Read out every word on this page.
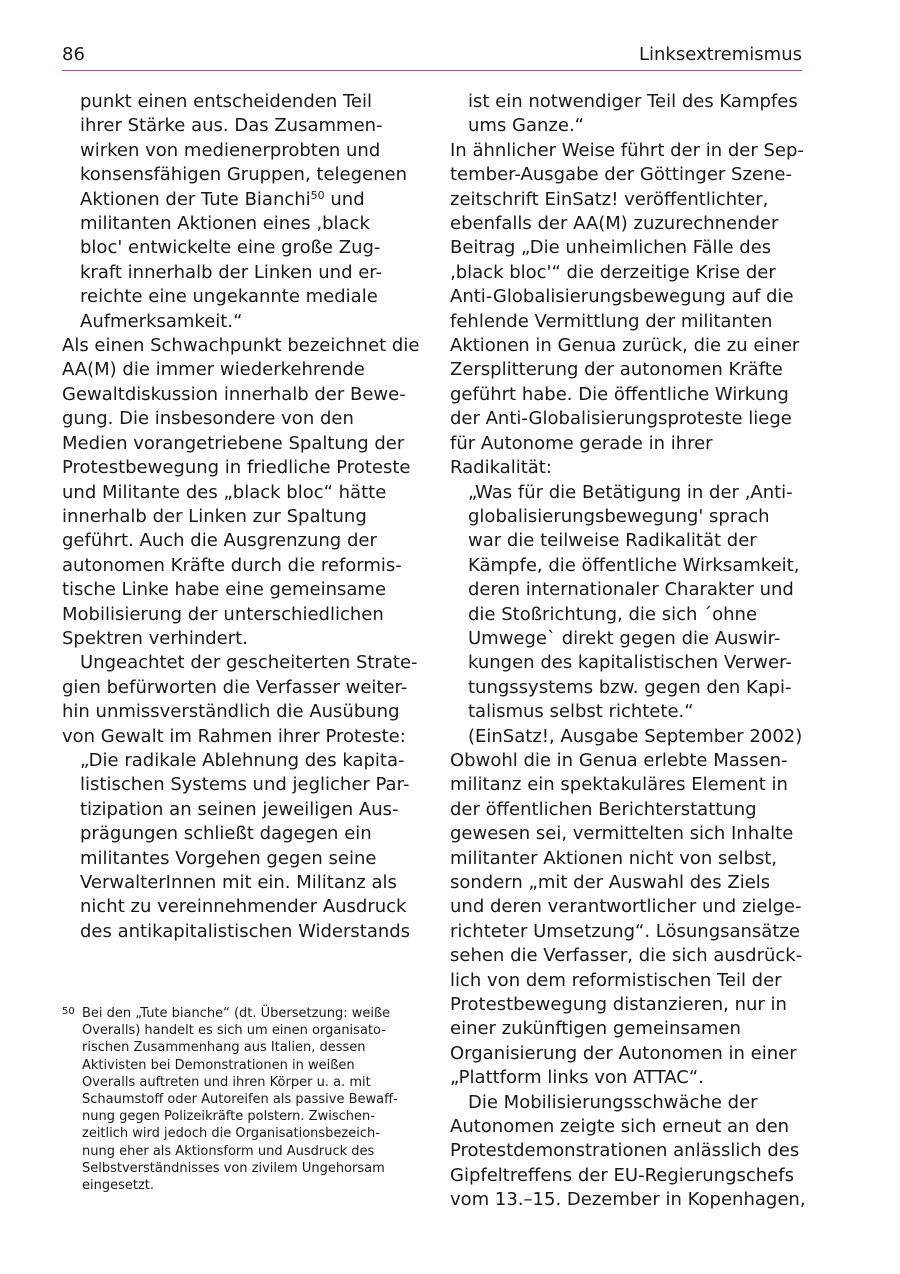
86	Linksextremismus

punkt einen entscheidenden Teil
ihrer Stärke aus. Das Zusammen-
wirken von medienerprobten und
konsensfähigen Gruppen, telegenen
Aktionen der Tute Bianchi$^{50}$ und
militanten Aktionen eines ‚black
bloc' entwickelte eine große Zug-
kraft innerhalb der Linken und er-
reichte eine ungekannte mediale
Aufmerksamkeit.“

Als einen Schwachpunkt bezeichnet die
AA(M) die immer wiederkehrende
Gewaltdiskussion innerhalb der Bewe-
gung. Die insbesondere von den
Medien vorangetriebene Spaltung der
Protestbewegung in friedliche Proteste
und Militante des „black bloc“ hätte
innerhalb der Linken zur Spaltung
geführt. Auch die Ausgrenzung der
autonomen Kräfte durch die reformis-
tische Linke habe eine gemeinsame
Mobilisierung der unterschiedlichen
Spektren verhindert.

Ungeachtet der gescheiterten Strate-
gien befürworten die Verfasser weiter-
hin unmissverständlich die Ausübung
von Gewalt im Rahmen ihrer Proteste:

„Die radikale Ablehnung des kapita-
listischen Systems und jeglicher Par-
tizipation an seinen jeweiligen Aus-
prägungen schließt dagegen ein
militantes Vorgehen gegen seine
VerwalterInnen mit ein. Militanz als
nicht zu vereinnehmender Ausdruck
des antikapitalistischen Widerstands

50 Bei den „Tute bianche“ (dt. Übersetzung: weiße
Overalls) handelt es sich um einen organisato-
rischen Zusammenhang aus Italien, dessen
Aktivisten bei Demonstrationen in weißen
Overalls auftreten und ihren Körper u. a. mit
Schaumstoff oder Autoreifen als passive Bewaff-
nung gegen Polizeikräfte polstern. Zwischen-
zeitlich wird jedoch die Organisationsbezeich-
nung eher als Aktionsform und Ausdruck des
Selbstverständnisses von zivilem Ungehorsam
eingesetzt.

ist ein notwendiger Teil des Kampfes
ums Ganze.“

In ähnlicher Weise führt der in der Sep-
tember-Ausgabe der Göttinger Szene-
zeitschrift EinSatz! veröffentlichter,
ebenfalls der AA(M) zuzurechnender
Beitrag „Die unheimlichen Fälle des
‚black bloc'“ die derzeitige Krise der
Anti-Globalisierungsbewegung auf die
fehlende Vermittlung der militanten
Aktionen in Genua zurück, die zu einer
Zersplitterung der autonomen Kräfte
geführt habe. Die öffentliche Wirkung
der Anti-Globalisierungsproteste liege
für Autonome gerade in ihrer
Radikalität:

„Was für die Betätigung in der ‚Anti-
globalisierungsbewegung' sprach
war die teilweise Radikalität der
Kämpfe, die öffentliche Wirksamkeit,
deren internationaler Charakter und
die Stoßrichtung, die sich ´ohne
Umwege` direkt gegen die Auswir-
kungen des kapitalistischen Verwer-
tungssystems bzw. gegen den Kapi-
talismus selbst richtete.“
(EinSatz!, Ausgabe September 2002)

Obwohl die in Genua erlebte Massen-
militanz ein spektakuläres Element in
der öffentlichen Berichterstattung
gewesen sei, vermittelten sich Inhalte
militanter Aktionen nicht von selbst,
sondern „mit der Auswahl des Ziels
und deren verantwortlicher und zielge-
richteter Umsetzung“. Lösungsansätze
sehen die Verfasser, die sich ausdrück-
lich von dem reformistischen Teil der
Protestbewegung distanzieren, nur in
einer zukünftigen gemeinsamen
Organisierung der Autonomen in einer
„Plattform links von ATTAC“.

Die Mobilisierungsschwäche der
Autonomen zeigte sich erneut an den
Protestdemonstrationen anlässlich des
Gipfeltreffens der EU-Regierungschefs
vom 13.–15. Dezember in Kopenhagen,
